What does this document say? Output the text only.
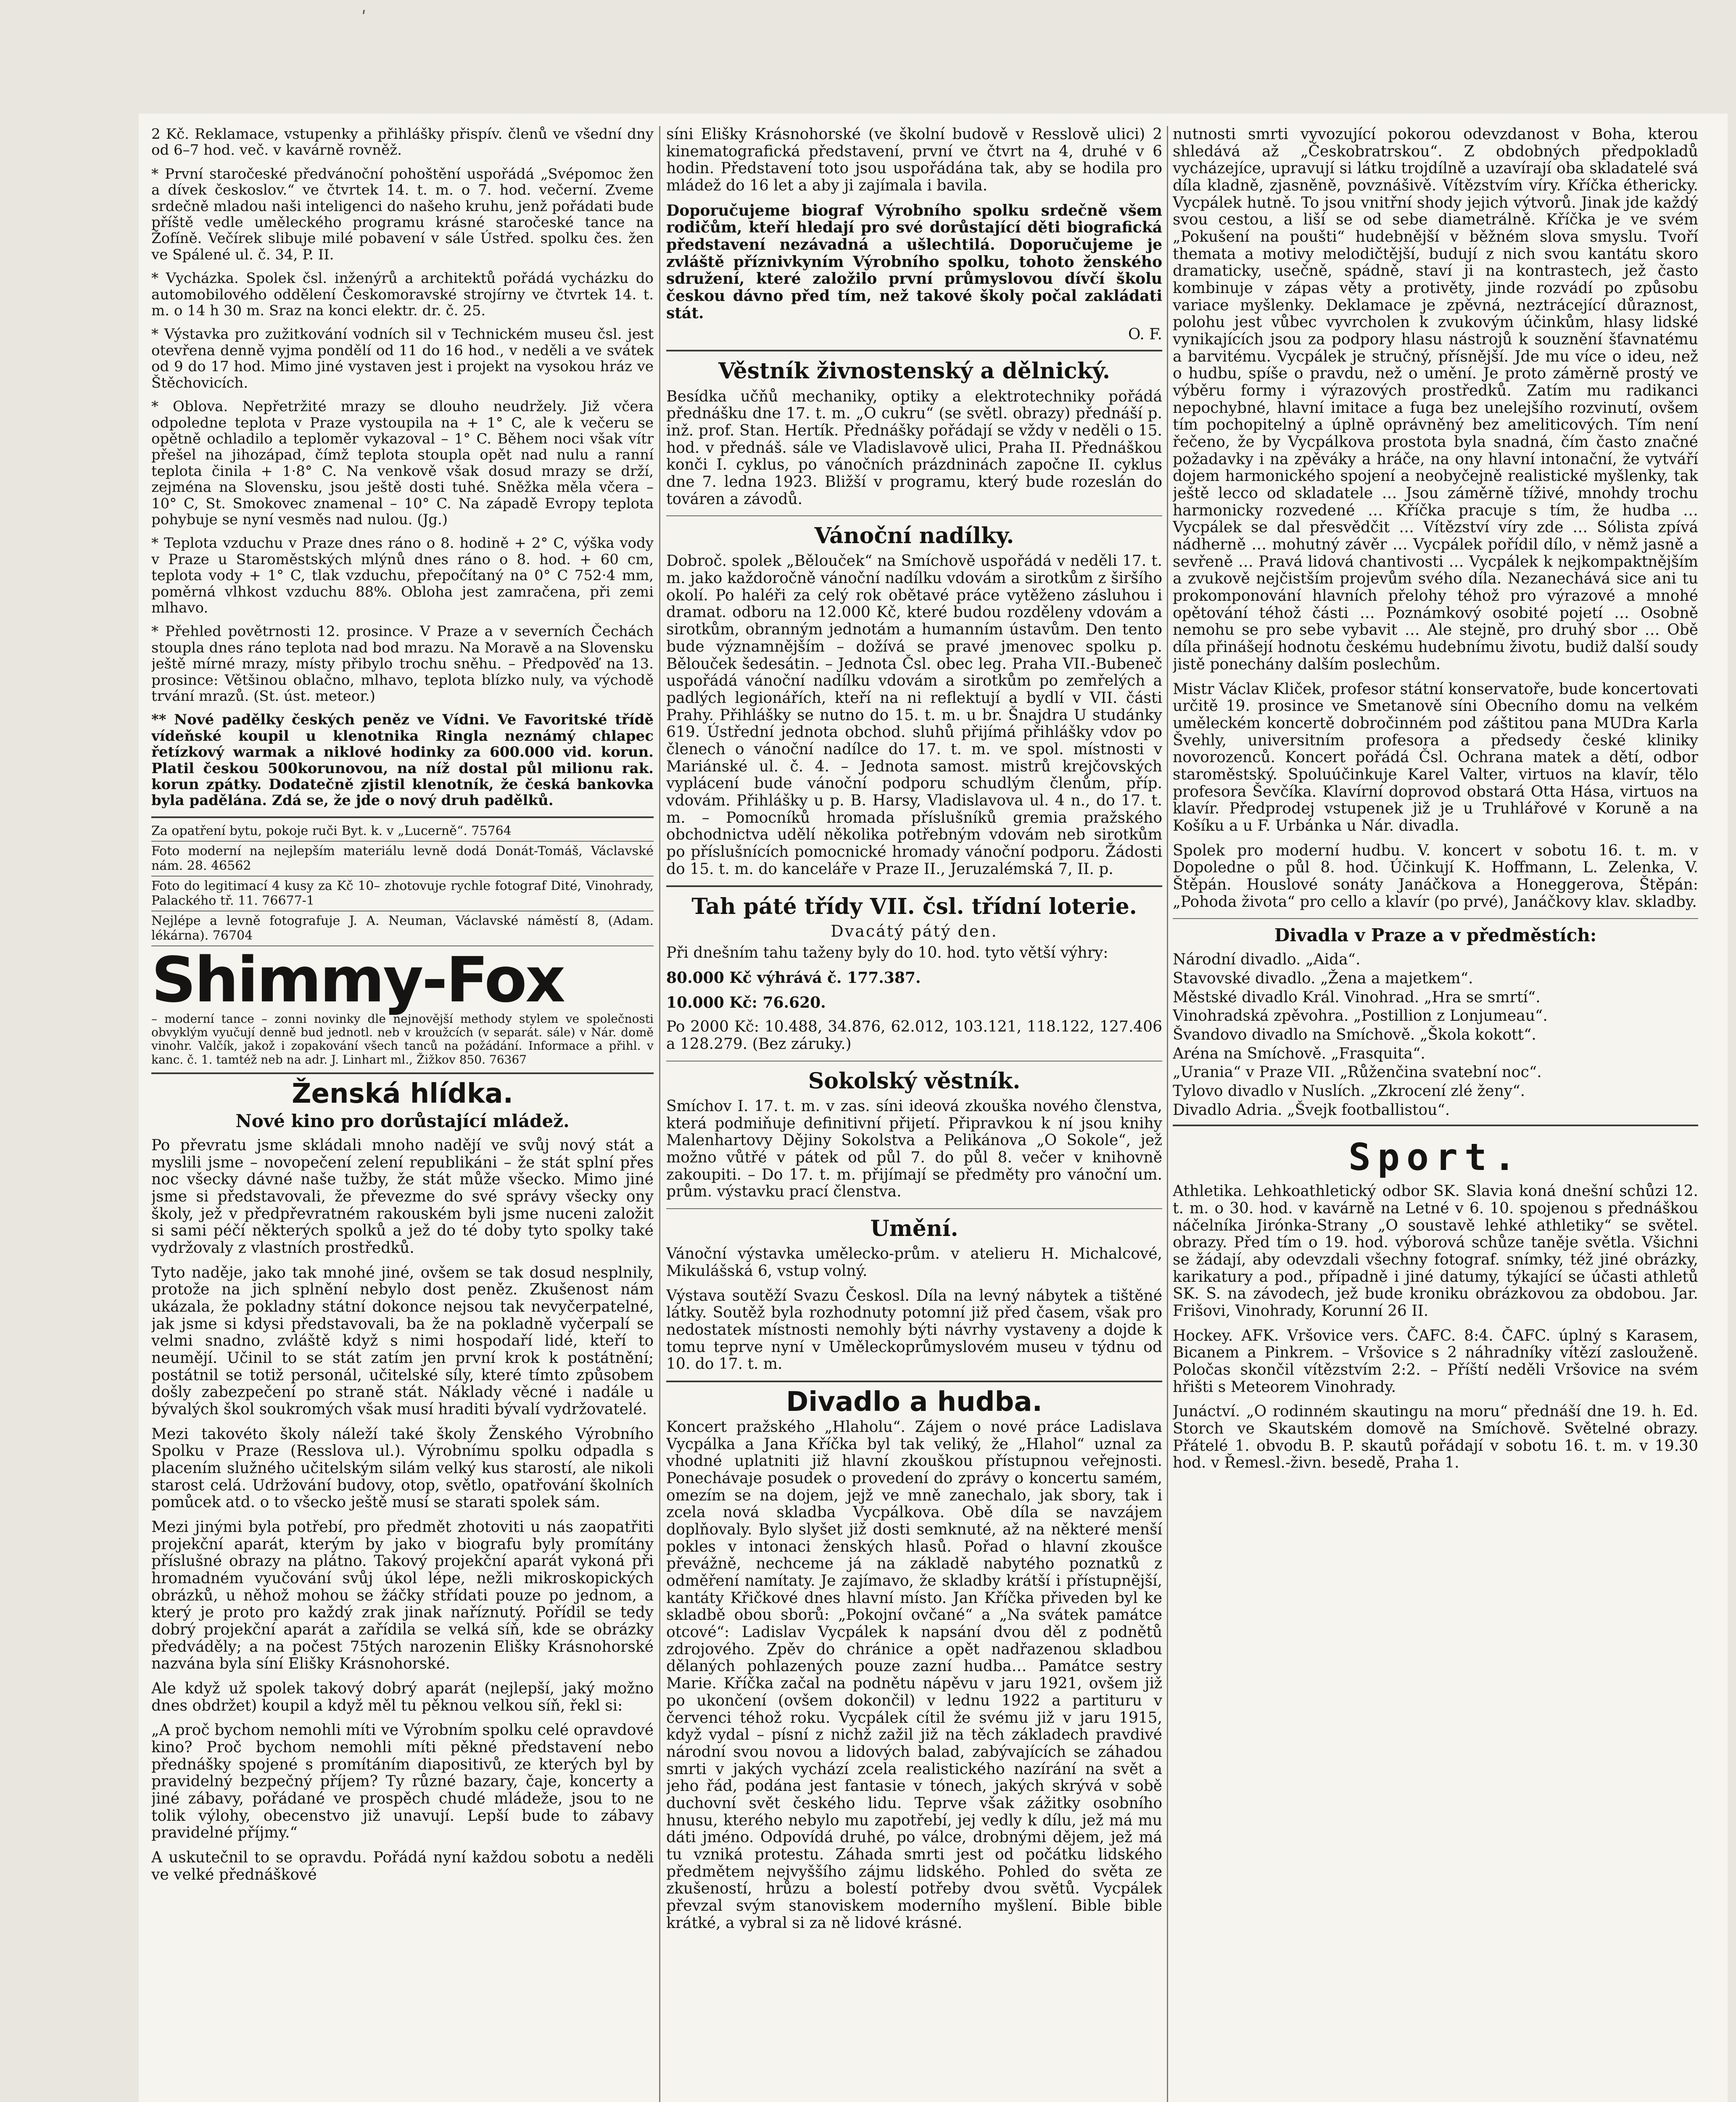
ʹ

2 Kč. Reklamace, vstupenky a přihlášky přispív. členů ve všední dny od 6–7 hod. več. v kavárně rovněž.

* První staročeské předvánoční pohoštění uspořádá „Svépomoc žen a dívek českoslov.“ ve čtvrtek 14. t. m. o 7. hod. večerní. Zveme srdečně mladou naši inteligenci do našeho kruhu, jenž pořádati bude příště vedle uměleckého programu krásné staročeské tance na Žofíně. Večírek slibuje milé pobavení v sále Ústřed. spolku čes. žen ve Spálené ul. č. 34, P. II.

* Vycházka. Spolek čsl. inženýrů a architektů pořádá vycházku do automobilového oddělení Českomoravské strojírny ve čtvrtek 14. t. m. o 14 h 30 m. Sraz na konci elektr. dr. č. 25.

* Výstavka pro zužitkování vodních sil v Technickém museu čsl. jest otevřena denně vyjma pondělí od 11 do 16 hod., v neděli a ve svátek od 9 do 17 hod. Mimo jiné vystaven jest i projekt na vysokou hráz ve Štěchovicích.

* Oblova. Nepřetržité mrazy se dlouho neudržely. Již včera odpoledne teplota v Praze vystoupila na + 1° C, ale k večeru se opětně ochladilo a teploměr vykazoval – 1° C. Během noci však vítr přešel na jihozápad, čímž teplota stoupla opět nad nulu a ranní teplota činila + 1·8° C. Na venkově však dosud mrazy se drží, zejména na Slovensku, jsou ještě dosti tuhé. Sněžka měla včera – 10° C, St. Smokovec znamenal – 10° C. Na západě Evropy teplota pohybuje se nyní vesměs nad nulou. (Jg.)

* Teplota vzduchu v Praze dnes ráno o 8. hodině + 2° C, výška vody v Praze u Staroměstských mlýnů dnes ráno o 8. hod. + 60 cm, teplota vody + 1° C, tlak vzduchu, přepočítaný na 0° C 752·4 mm, poměrná vlhkost vzduchu 88%. Obloha jest zamračena, při zemi mlhavo.

* Přehled povětrnosti 12. prosince. V Praze a v severních Čechách stoupla dnes ráno teplota nad bod mrazu. Na Moravě a na Slovensku ještě mírné mrazy, místy přibylo trochu sněhu. – Předpověď na 13. prosince: Většinou oblačno, mlhavo, teplota blízko nuly, va východě trvání mrazů. (St. úst. meteor.)

** Nové padělky českých peněz ve Vídni. Ve Favoritské třídě vídeňské koupil u klenotnika Ringla neznámý chlapec řetízkový warmak a niklové hodinky za 600.000 vid. korun. Platil českou 500korunovou, na níž dostal půl milionu rak. korun zpátky. Dodatečně zjistil klenotník, že česká bankovka byla padělána. Zdá se, že jde o nový druh padělků.

Za opatření bytu, pokoje ruči Byt. k. v „Lucerně“. 75764

Foto moderní na nejlepším materiálu levně dodá Donát-Tomáš, Václavské nám. 28. 46562

Foto do legitimací 4 kusy za Kč 10– zhotovuje rychle fotograf Dité, Vinohrady, Palackého tř. 11. 76677-1

Nejlépe a levně fotografuje J. A. Neuman, Václavské náměstí 8, (Adam. lékárna). 76704

Shimmy-Fox
– moderní tance – zonni novinky dle nejnovější methody stylem ve společnosti obvyklým vyučují denně bud jednotl. neb v kroužcích (v separát. sále) v Nár. domě vinohr. Valčík, jakož i zopakování všech tanců na požádání. Informace a přihl. v kanc. č. 1. tamtéž neb na adr. J. Linhart ml., Žižkov 850. 76367
Ženská hlídka.
Nové kino pro dorůstající mládež.

Po převratu jsme skládali mnoho nadějí ve svůj nový stát a myslili jsme – novopečení zelení republikáni – že stát splní přes noc všecky dávné naše tužby, že stát může všecko. Mimo jiné jsme si představovali, že převezme do své správy všecky ony školy, jež v předpřevratném rakouském byli jsme nuceni založit si sami péčí některých spolků a jež do té doby tyto spolky také vydržovaly z vlastních prostředků.

Tyto naděje, jako tak mnohé jiné, ovšem se tak dosud nesplnily, protože na jich splnění nebylo dost peněz. Zkušenost nám ukázala, že pokladny státní dokonce nejsou tak nevyčerpatelné, jak jsme si kdysi představovali, ba že na pokladně vyčerpalí se velmi snadno, zvláště když s nimi hospodaří lidé, kteří to neumějí. Učinil to se stát zatím jen první krok k postátnění; postátnil se totiž personál, učitelské síly, které tímto způsobem došly zabezpečení po straně stát. Náklady věcné i nadále u bývalých škol soukromých však musí hraditi bývalí vydržovatelé.

Mezi takovéto školy náleží také školy Ženského Výrobního Spolku v Praze (Resslova ul.). Výrobnímu spolku odpadla s placením služného učitelským silám velký kus starostí, ale nikoli starost celá. Udržování budovy, otop, světlo, opatřování školních pomůcek atd. o to všecko ještě musí se starati spolek sám.

Mezi jinými byla potřebí, pro předmět zhotoviti u nás zaopatřiti projekční aparát, kterým by jako v biografu byly promítány příslušné obrazy na plátno. Takový projekční aparát vykoná při hromadném vyučování svůj úkol lépe, nežli mikroskopických obrázků, u něhož mohou se žáčky střídati pouze po jednom, a který je proto pro každý zrak jinak naříznutý. Pořídil se tedy dobrý projekční aparát a zařídila se velká síň, kde se obrázky předváděly; a na počest 75tých narozenin Elišky Krásnohorské nazvána byla síní Elišky Krásnohorské.

Ale když už spolek takový dobrý aparát (nejlepší, jaký možno dnes obdržet) koupil a když měl tu pěknou velkou síň, řekl si:

„A proč bychom nemohli míti ve Výrobním spolku celé opravdové kino? Proč bychom nemohli míti pěkné představení nebo přednášky spojené s promítáním diapositivů, ze kterých byl by pravidelný bezpečný příjem? Ty různé bazary, čaje, koncerty a jiné zábavy, pořádané ve prospěch chudé mládeže, jsou to ne tolik výlohy, obecenstvo již unavují. Lepší bude to zábavy pravidelné příjmy.“

A uskutečnil to se opravdu. Pořádá nyní každou sobotu a neděli ve velké přednáškové

síni Elišky Krásnohorské (ve školní budově v Resslově ulici) 2 kinematografická představení, první ve čtvrt na 4, druhé v 6 hodin. Představení toto jsou uspořádána tak, aby se hodila pro mládež do 16 let a aby ji zajímala i bavila.

Doporučujeme biograf Výrobního spolku srdečně všem rodičům, kteří hledají pro své dorůstající děti biografická představení nezávadná a ušlechtilá. Doporučujeme je zvláště příznivkyním Výrobního spolku, tohoto ženského sdružení, které založilo první průmyslovou dívčí školu českou dávno před tím, než takové školy počal zakládati stát.

O. F.
Věstník živnostenský a dělnický.

Besídka učňů mechaniky, optiky a elektrotechniky pořádá přednášku dne 17. t. m. „O cukru“ (se světl. obrazy) přednáší p. inž. prof. Stan. Hertík. Přednášky pořádají se vždy v neděli o 15. hod. v přednáš. sále ve Vladislavově ulici, Praha II. Přednáškou konči I. cyklus, po vánočních prázdninách započne II. cyklus dne 7. ledna 1923. Bližší v programu, který bude rozeslán do továren a závodů.

Vánoční nadílky.

Dobroč. spolek „Bělouček“ na Smíchově uspořádá v neděli 17. t. m. jako každoročně vánoční nadílku vdovám a sirotkům z širšího okolí. Po haléři za celý rok obětavé práce vytěženo zásluhou i dramat. odboru na 12.000 Kč, které budou rozděleny vdovám a sirotkům, obranným jednotám a humanním ústavům. Den tento bude významnějším – dožívá se pravé jmenovec spolku p. Bělouček šedesátin. – Jednota Čsl. obec leg. Praha VII.-Bubeneč uspořádá vánoční nadílku vdovám a sirotkům po zemřelých a padlých legionářích, kteří na ni reflektují a bydlí v VII. části Prahy. Přihlášky se nutno do 15. t. m. u br. Šnajdra U studánky 619. Ústřední jednota obchod. sluhů přijímá přihlášky vdov po členech o vánoční nadílce do 17. t. m. ve spol. místnosti v Mariánské ul. č. 4. – Jednota samost. mistrů krejčovských vyplácení bude vánoční podporu schudlým členům, příp. vdovám. Přihlášky u p. B. Harsy, Vladislavova ul. 4 n., do 17. t. m. – Pomocníků hromada příslušníků gremia pražského obchodnictva udělí několika potřebným vdovám neb sirotkům po příslušnících pomocnické hromady vánoční podporu. Žádosti do 15. t. m. do kanceláře v Praze II., Jeruzalémská 7, II. p.

Tah páté třídy VII. čsl. třídní loterie.
Dvacátý pátý den.

Při dnešním tahu taženy byly do 10. hod. tyto větší výhry:

80.000 Kč výhrává č. 177.387.

10.000 Kč: 76.620.

Po 2000 Kč: 10.488, 34.876, 62.012, 103.121, 118.122, 127.406 a 128.279. (Bez záruky.)

Sokolský věstník.

Smíchov I. 17. t. m. v zas. síni ideová zkouška nového členstva, která podmiňuje definitivní přijetí. Připravkou k ní jsou knihy Malenhartovy Dějiny Sokolstva a Pelikánova „O Sokole“, jež možno vůtřé v pátek od půl 7. do půl 8. večer v knihovně zakoupiti. – Do 17. t. m. přijímají se předměty pro vánoční um. prům. výstavku prací členstva.

Umění.

Vánoční výstavka umělecko-prům. v atelieru H. Michalcové, Mikulášská 6, vstup volný.

Výstava soutěží Svazu Českosl. Díla na levný nábytek a tištěné látky. Soutěž byla rozhodnuty potomní již před časem, však pro nedostatek místnosti nemohly býti návrhy vystaveny a dojde k tomu teprve nyní v Uměleckoprůmyslovém museu v týdnu od 10. do 17. t. m.

Divadlo a hudba.

Koncert pražského „Hlaholu“. Zájem o nové práce Ladislava Vycpálka a Jana Kříčka byl tak veliký, že „Hlahol“ uznal za vhodné uplatniti již hlavní zkouškou přístupnou veřejnosti. Ponechávaje posudek o provedení do zprávy o koncertu samém, omezím se na dojem, jejž ve mně zanechalo, jak sbory, tak i zcela nová skladba Vycpálkova. Obě díla se navzájem doplňovaly. Bylo slyšet již dosti semknuté, až na některé menší pokles v intonaci ženských hlasů. Pořad o hlavní zkoušce převážně, nechceme já na základě nabytého poznatků z odměření namítaty. Je zajímavo, že skladby krátší i přístupnější, kantáty Křičkové dnes hlavní místo. Jan Kříčka přiveden byl ke skladbě obou sborů: „Pokojní ovčané“ a „Na svátek památce otcové“: Ladislav Vycpálek k napsání dvou děl z podnětů zdrojového. Zpěv do chránice a opět nadřazenou skladbou dělaných pohlazených pouze zazní hudba… Památce sestry Marie. Kříčka začal na podnětu nápěvu v jaru 1921, ovšem již po ukončení (ovšem dokončil) v lednu 1922 a partituru v červenci téhož roku. Vycpálek cítil že svému již v jaru 1915, když vydal – písní z nichž zažil již na těch základech pravdivé národní svou novou a lidových balad, zabývajících se záhadou smrti v jakých vychází zcela realistického nazírání na svět a jeho řád, podána jest fantasie v tónech, jakých skrývá v sobě duchovní svět českého lidu. Teprve však zážitky osobního hnusu, kterého nebylo mu zapotřebí, jej vedly k dílu, jež má mu dáti jméno. Odpovídá druhé, po válce, drobnými dějem, jež má tu vzniká protestu. Záhada smrti jest od počátku lidského předmětem nejvyššího zájmu lidského. Pohled do světa ze zkušeností, hrůzu a bolestí potřeby dvou světů. Vycpálek převzal svým stanoviskem moderního myšlení. Bible bible krátké, a vybral si za ně lidové krásné.

nutnosti smrti vyvozující pokorou odevzdanost v Boha, kterou shledává až „Českobratrskou“. Z obdobných předpokladů vycházejíce, upravují si látku trojdílně a uzavírají oba skladatelé svá díla kladně, zjasněně, povznášivě. Vítězstvím víry. Kříčka éthericky. Vycpálek hutně. To jsou vnitřní shody jejich výtvorů. Jinak jde každý svou cestou, a liší se od sebe diametrálně. Kříčka je ve svém „Pokušení na poušti“ hudebnější v běžném slova smyslu. Tvoří themata a motivy melodičtější, budují z nich svou kantátu skoro dramaticky, usečně, spádně, staví ji na kontrastech, jež často kombinuje v zápas věty a protivěty, jinde rozvádí po způsobu variace myšlenky. Deklamace je zpěvná, neztrácející důraznost, polohu jest vůbec vyvrcholen k zvukovým účinkům, hlasy lidské vynikajících jsou za podpory hlasu nástrojů k souznění šťavnatému a barvitému. Vycpálek je stručný, přísnější. Jde mu více o ideu, než o hudbu, spíše o pravdu, než o umění. Je proto záměrně prostý ve výběru formy i výrazových prostředků. Zatím mu radikanci nepochybné, hlavní imitace a fuga bez unelejšího rozvinutí, ovšem tím pochopitelný a úplně oprávněný bez ameliticových. Tím není řečeno, že by Vycpálkova prostota byla snadná, čím často značné požadavky i na zpěváky a hráče, na ony hlavní intonační, že vytváří dojem harmonického spojení a neobyčejně realistické myšlenky, tak ještě lecco od skladatele … Jsou záměrně tíživé, mnohdy trochu harmonicky rozvedené … Kříčka pracuje s tím, že hudba … Vycpálek se dal přesvědčit … Vítězství víry zde … Sólista zpívá nádherně … mohutný závěr … Vycpálek pořídil dílo, v němž jasně a sevřeně … Pravá lidová chantivosti … Vycpálek k nejkompaktnějším a zvukově nejčistším projevům svého díla. Nezanechává sice ani tu prokomponování hlavních přelohy téhož pro výrazové a mnohé opětování téhož části … Poznámkový osobité pojetí … Osobně nemohu se pro sebe vybavit … Ale stejně, pro druhý sbor … Obě díla přinášejí hodnotu českému hudebnímu životu, budiž další soudy jistě ponechány dalším poslechům.

Mistr Václav Kliček, profesor státní konservatoře, bude koncertovati určitě 19. prosince ve Smetanově síni Obecního domu na velkém uměleckém koncertě dobročinném pod záštitou pana MUDra Karla Švehly, universitním profesora a předsedy české kliniky novorozenců. Koncert pořádá Čsl. Ochrana matek a dětí, odbor staroměstský. Spoluúčinkuje Karel Valter, virtuos na klavír, tělo profesora Ševčíka. Klavírní doprovod obstará Otta Hása, virtuos na klavír. Předprodej vstupenek již je u Truhlářové v Koruně a na Košíku a u F. Urbánka u Nár. divadla.

Spolek pro moderní hudbu. V. koncert v sobotu 16. t. m. v Dopoledne o půl 8. hod. Účinkují K. Hoffmann, L. Zelenka, V. Štěpán. Houslové sonáty Janáčkova a Honeggerova, Štěpán: „Pohoda života“ pro cello a klavír (po prvé), Janáčkovy klav. skladby.

Divadla v Praze a v předměstích:

Národní divadlo. „Aida“.

Stavovské divadlo. „Žena a majetkem“.

Městské divadlo Král. Vinohrad. „Hra se smrtí“.

Vinohradská zpěvohra. „Postillion z Lonjumeau“.

Švandovo divadlo na Smíchově. „Škola kokott“.

Aréna na Smíchově. „Frasquita“.

„Urania“ v Praze VII. „Růženčina svatební noc“.

Tylovo divadlo v Nuslích. „Zkrocení zlé ženy“.

Divadlo Adria. „Švejk footballistou“.

Sport.

Athletika. Lehkoathletický odbor SK. Slavia koná dnešní schůzi 12. t. m. o 30. hod. v kavárně na Letné v 6. 10. spojenou s přednáškou náčelníka Jirónka-Strany „O soustavě lehké athletiky“ se světel. obrazy. Před tím o 19. hod. výborová schůze taněje světla. Všichni se žádají, aby odevzdali všechny fotograf. snímky, též jiné obrázky, karikatury a pod., případně i jiné datumy, týkající se účasti athletů SK. S. na závodech, jež bude kroniku obrázkovou za obdobou. Jar. Frišovi, Vinohrady, Korunní 26 II.

Hockey. AFK. Vršovice vers. ČAFC. 8:4. ČAFC. úplný s Karasem, Bicanem a Pinkrem. – Vršovice s 2 náhradníky vítězí zaslouženě. Poločas skončil vítězstvím 2:2. – Příští neděli Vršovice na svém hřišti s Meteorem Vinohrady.

Junáctví. „O rodinném skautingu na moru“ přednáší dne 19. h. Ed. Storch ve Skautském domově na Smíchově. Světelné obrazy. Přátelé 1. obvodu B. P. skautů pořádají v sobotu 16. t. m. v 19.30 hod. v Řemesl.-živn. besedě, Praha 1.
